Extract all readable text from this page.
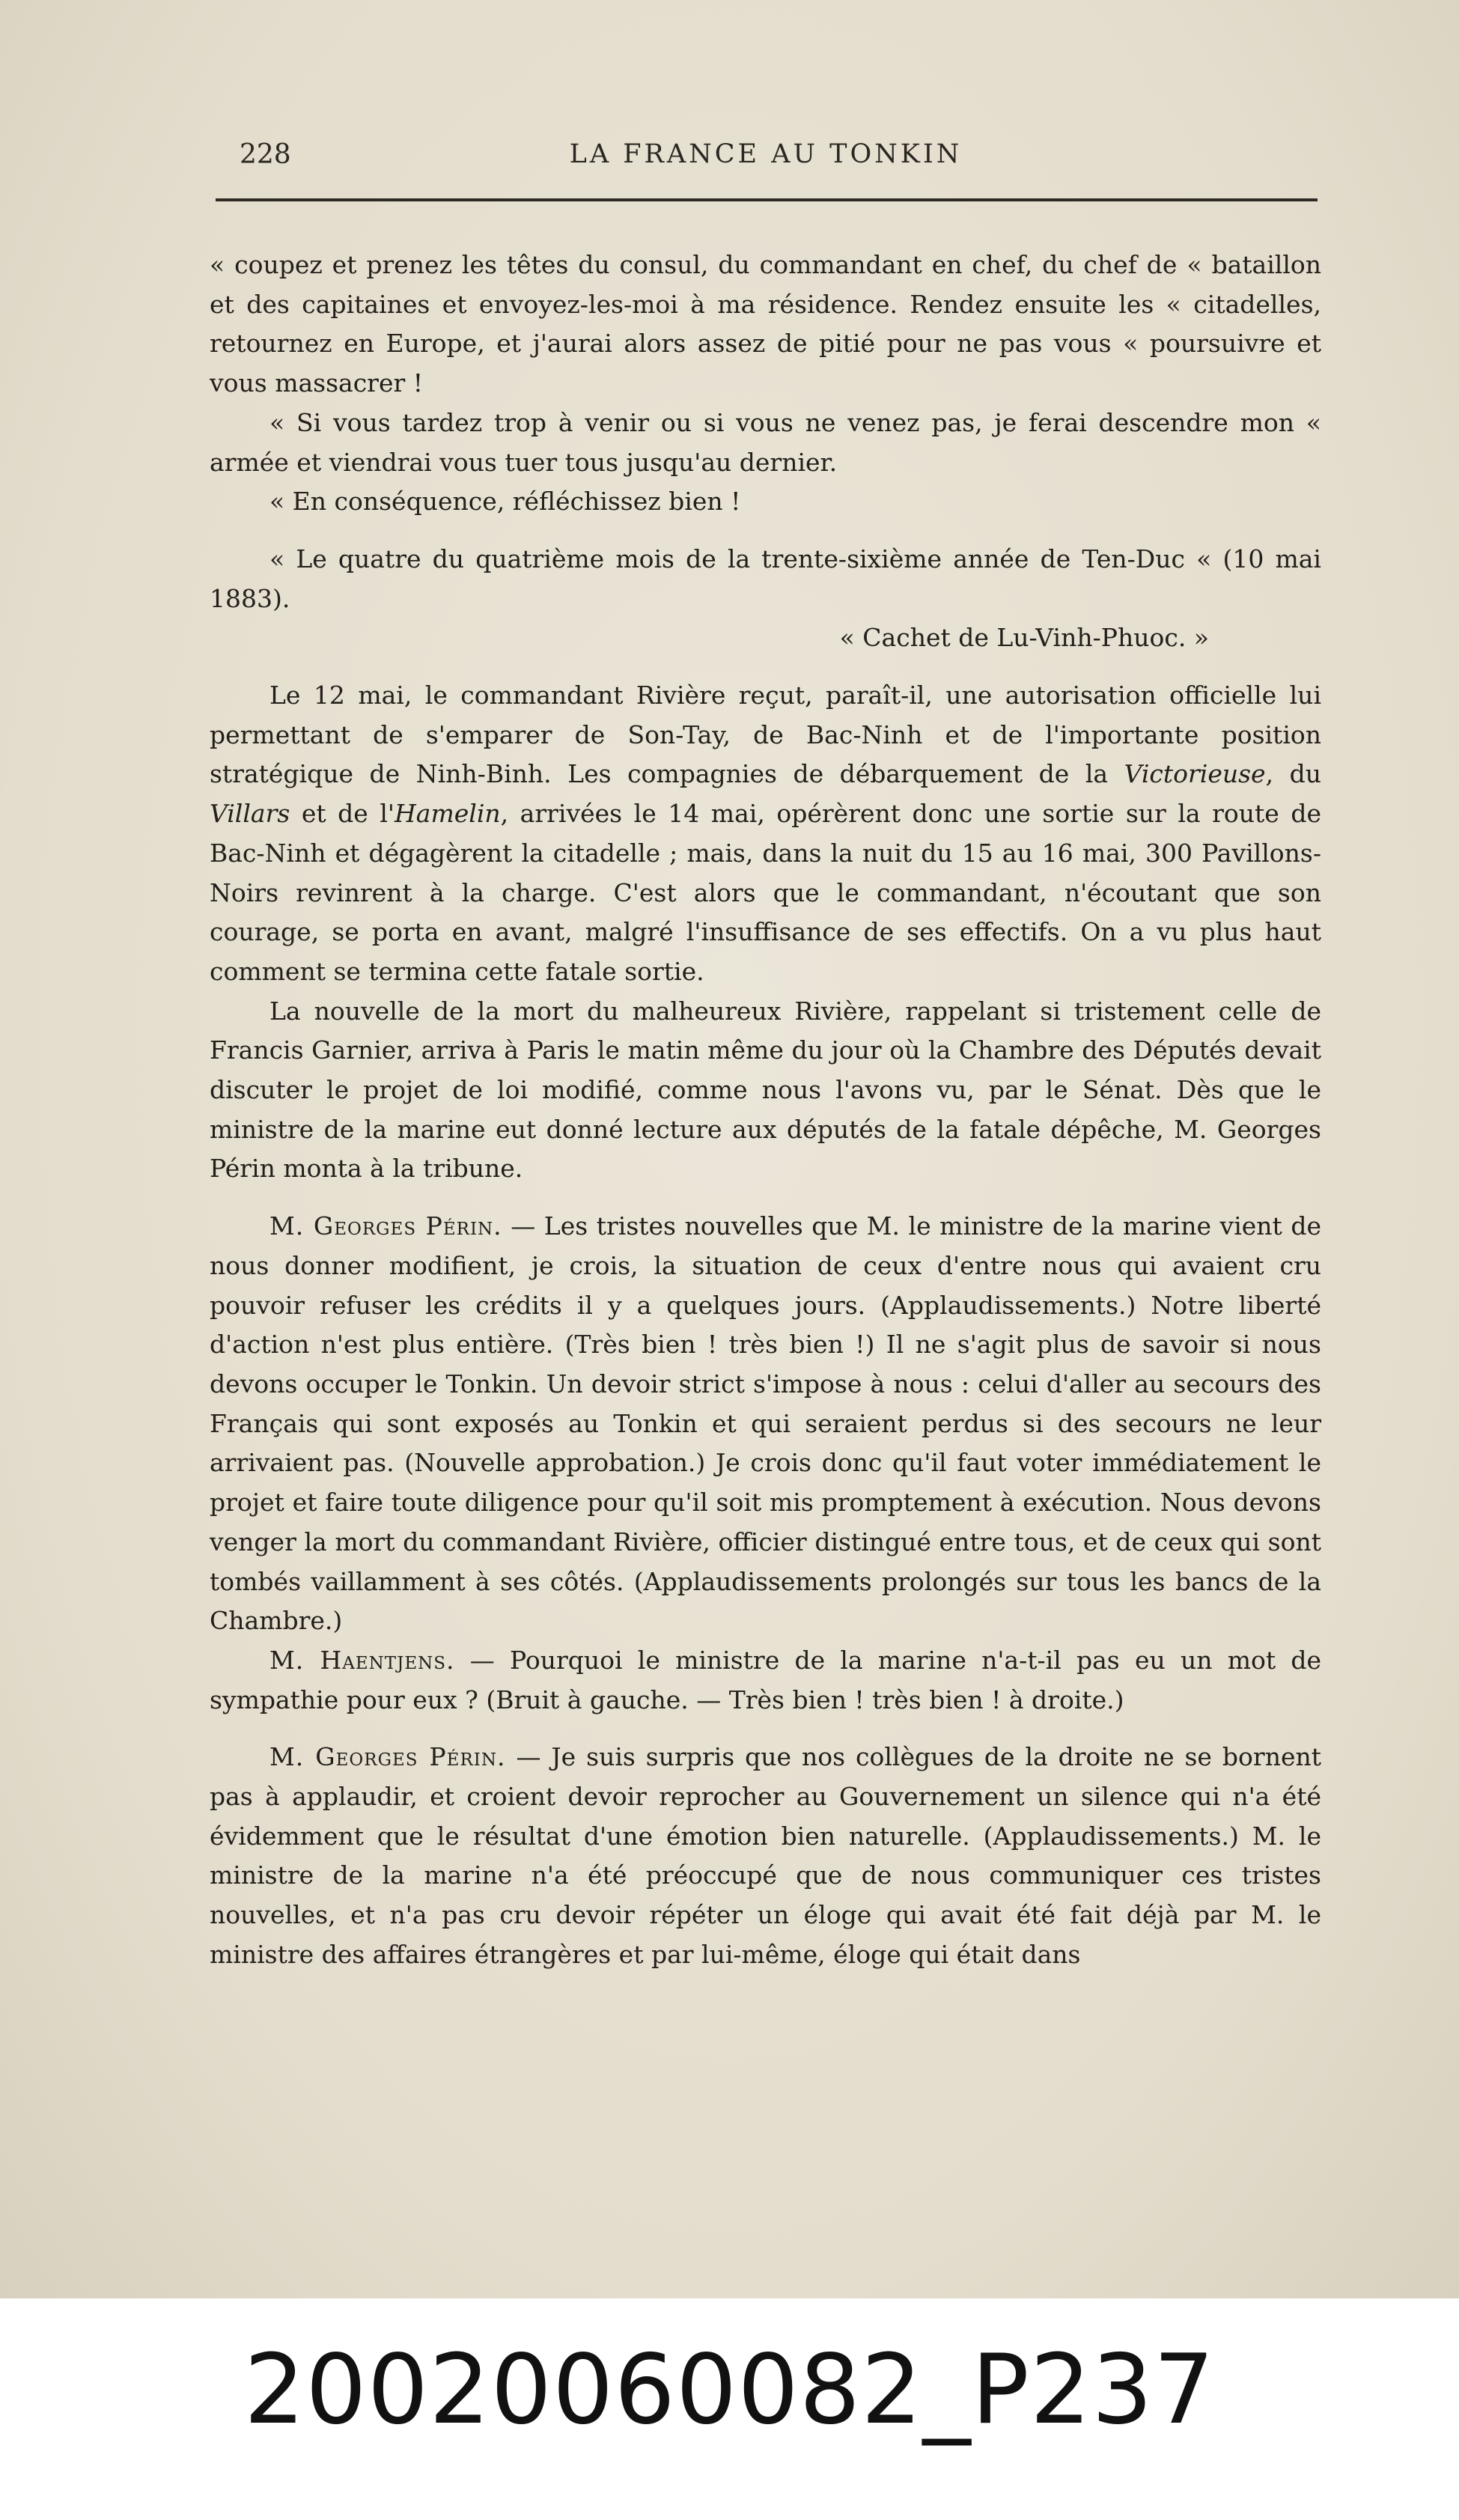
228	LA FRANCE AU TONKIN

« coupez et prenez les têtes du consul, du commandant en chef, du chef de « bataillon et des capitaines et envoyez-les-moi à ma résidence. Rendez ensuite les « citadelles, retournez en Europe, et j'aurai alors assez de pitié pour ne pas vous « poursuivre et vous massacrer !

« Si vous tardez trop à venir ou si vous ne venez pas, je ferai descendre mon « armée et viendrai vous tuer tous jusqu'au dernier.

« En conséquence, réfléchissez bien !

« Le quatre du quatrième mois de la trente-sixième année de Ten-Duc « (10 mai 1883).

« Cachet de Lu-Vinh-Phuoc. »

Le 12 mai, le commandant Rivière reçut, paraît-il, une autorisation officielle lui permettant de s'emparer de Son-Tay, de Bac-Ninh et de l'importante position stratégique de Ninh-Binh. Les compagnies de débarquement de la Victorieuse, du Villars et de l'Hamelin, arrivées le 14 mai, opérèrent donc une sortie sur la route de Bac-Ninh et dégagèrent la citadelle ; mais, dans la nuit du 15 au 16 mai, 300 Pavillons-Noirs revinrent à la charge. C'est alors que le commandant, n'écoutant que son courage, se porta en avant, malgré l'insuffisance de ses effectifs. On a vu plus haut comment se termina cette fatale sortie.

La nouvelle de la mort du malheureux Rivière, rappelant si tristement celle de Francis Garnier, arriva à Paris le matin même du jour où la Chambre des Députés devait discuter le projet de loi modifié, comme nous l'avons vu, par le Sénat. Dès que le ministre de la marine eut donné lecture aux députés de la fatale dépêche, M. Georges Périn monta à la tribune.

M. Georges Périn. — Les tristes nouvelles que M. le ministre de la marine vient de nous donner modifient, je crois, la situation de ceux d'entre nous qui avaient cru pouvoir refuser les crédits il y a quelques jours. (Applaudissements.) Notre liberté d'action n'est plus entière. (Très bien ! très bien !) Il ne s'agit plus de savoir si nous devons occuper le Tonkin. Un devoir strict s'impose à nous : celui d'aller au secours des Français qui sont exposés au Tonkin et qui seraient perdus si des secours ne leur arrivaient pas. (Nouvelle approbation.) Je crois donc qu'il faut voter immédiatement le projet et faire toute diligence pour qu'il soit mis promptement à exécution. Nous devons venger la mort du commandant Rivière, officier distingué entre tous, et de ceux qui sont tombés vaillamment à ses côtés. (Applaudissements prolongés sur tous les bancs de la Chambre.)

M. Haentjens. — Pourquoi le ministre de la marine n'a-t-il pas eu un mot de sympathie pour eux ? (Bruit à gauche. — Très bien ! très bien ! à droite.)

M. Georges Périn. — Je suis surpris que nos collègues de la droite ne se bornent pas à applaudir, et croient devoir reprocher au Gouvernement un silence qui n'a été évidemment que le résultat d'une émotion bien naturelle. (Applaudissements.) M. le ministre de la marine n'a été préoccupé que de nous communiquer ces tristes nouvelles, et n'a pas cru devoir répéter un éloge qui avait été fait déjà par M. le ministre des affaires étrangères et par lui-même, éloge qui était dans

20020060082_P237
